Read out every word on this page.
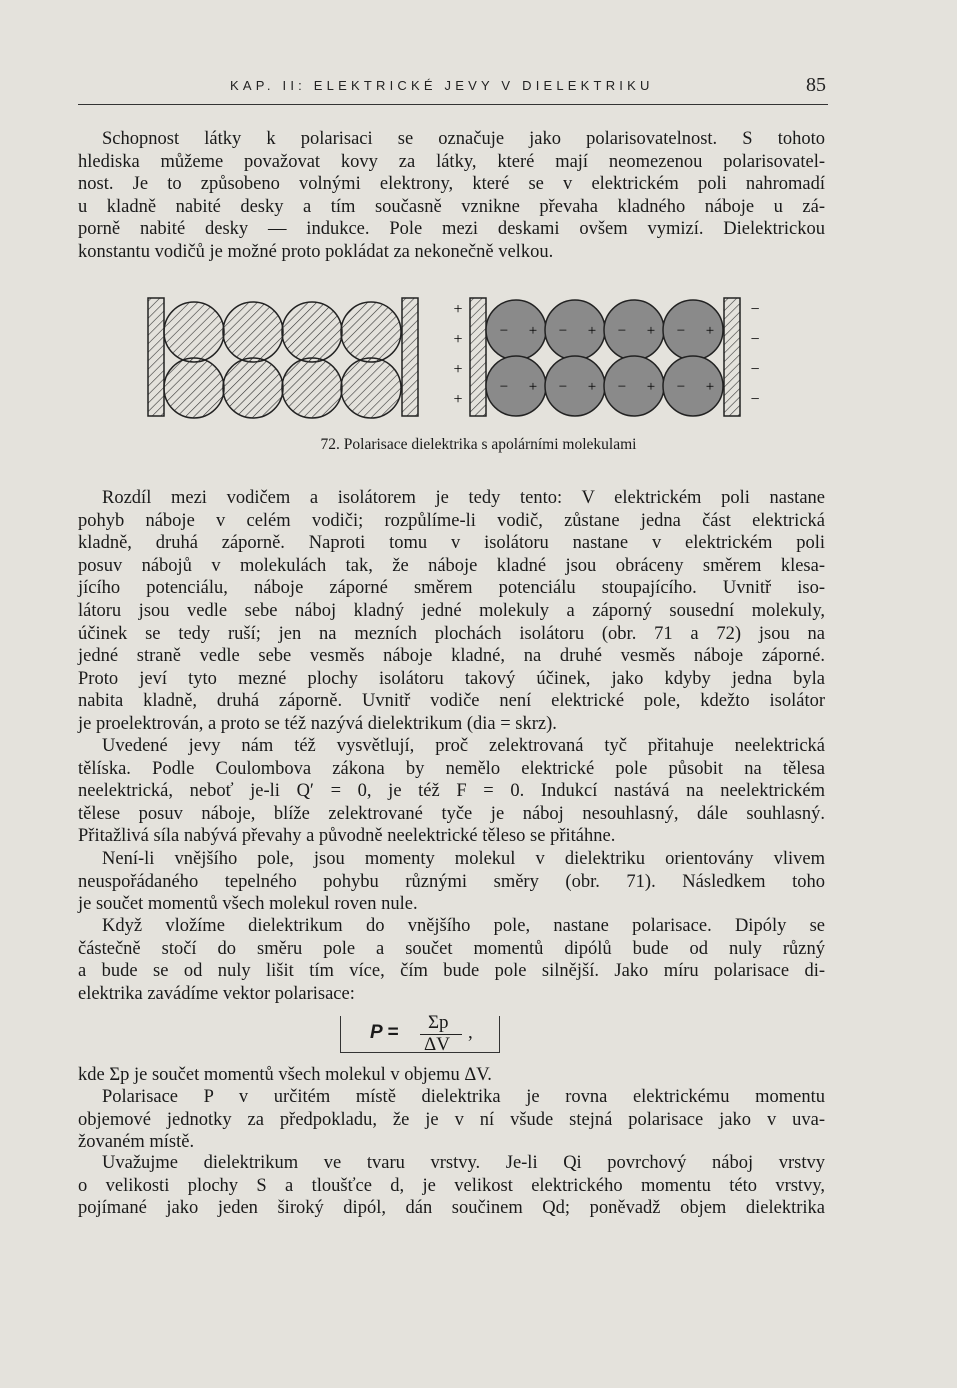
KAP. II: ELEKTRICKÉ JEVY V DIELEKTRIKU	85
Schopnost látky k polarisaci se označuje jako polarisovatelnost. S tohoto
hlediska můžeme považovat kovy za látky, které mají neomezenou polarisovatel-
nost. Je to způsobeno volnými elektrony, které se v elektrickém poli nahromadí
u kladně nabité desky a tím současně vznikne převaha kladného náboje u zá-
porně nabité desky — indukce. Pole mezi deskami ovšem vymizí. Dielektrickou
konstantu vodičů je možné proto pokládat za nekonečně velkou.
+
+
+
+
− + − + − + − +
− + − + − + − +
−
−
−
−
72. Polarisace dielektrika s apolárními molekulami
Rozdíl mezi vodičem a isolátorem je tedy tento: V elektrickém poli nastane
pohyb náboje v celém vodiči; rozpůlíme-li vodič, zůstane jedna část elektrická
kladně, druhá záporně. Naproti tomu v isolátoru nastane v elektrickém poli
posuv nábojů v molekulách tak, že náboje kladné jsou obráceny směrem klesa-
jícího potenciálu, náboje záporné směrem potenciálu stoupajícího. Uvnitř iso-
látoru jsou vedle sebe náboj kladný jedné molekuly a záporný sousední molekuly,
účinek se tedy ruší; jen na mezních plochách isolátoru (obr. 71 a 72) jsou na
jedné straně vedle sebe vesměs náboje kladné, na druhé vesměs náboje záporné.
Proto jeví tyto mezné plochy isolátoru takový účinek, jako kdyby jedna byla
nabita kladně, druhá záporně. Uvnitř vodiče není elektrické pole, kdežto isolátor
je proelektrován, a proto se též nazývá dielektrikum (dia = skrz).
Uvedené jevy nám též vysvětlují, proč zelektrovaná tyč přitahuje neelektrická
tělíska. Podle Coulombova zákona by nemělo elektrické pole působit na tělesa
neelektrická, neboť je-li Q′ = 0, je též F = 0. Indukcí nastává na neelektrickém
tělese posuv náboje, blíže zelektrované tyče je náboj nesouhlasný, dále souhlasný.
Přitažlivá síla nabývá převahy a původně neelektrické těleso se přitáhne.
Není-li vnějšího pole, jsou momenty molekul v dielektriku orientovány vlivem
neuspořádaného tepelného pohybu různými směry (obr. 71). Následkem toho
je součet momentů všech molekul roven nule.
Když vložíme dielektrikum do vnějšího pole, nastane polarisace. Dipóly se
částečně stočí do směru pole a součet momentů dipólů bude od nuly různý
a bude se od nuly lišit tím více, čím bude pole silnější. Jako míru polarisace di-
elektrika zavádíme vektor polarisace:
P = Σp
ΔV
,
kde Σp je součet momentů všech molekul v objemu ΔV.
Polarisace P v určitém místě dielektrika je rovna elektrickému momentu
objemové jednotky za předpokladu, že je v ní všude stejná polarisace jako v uva-
žovaném místě.
Uvažujme dielektrikum ve tvaru vrstvy. Je-li Qi povrchový náboj vrstvy
o velikosti plochy S a tloušťce d, je velikost elektrického momentu této vrstvy,
pojímané jako jeden široký dipól, dán součinem Qd; poněvadž objem dielektrika
